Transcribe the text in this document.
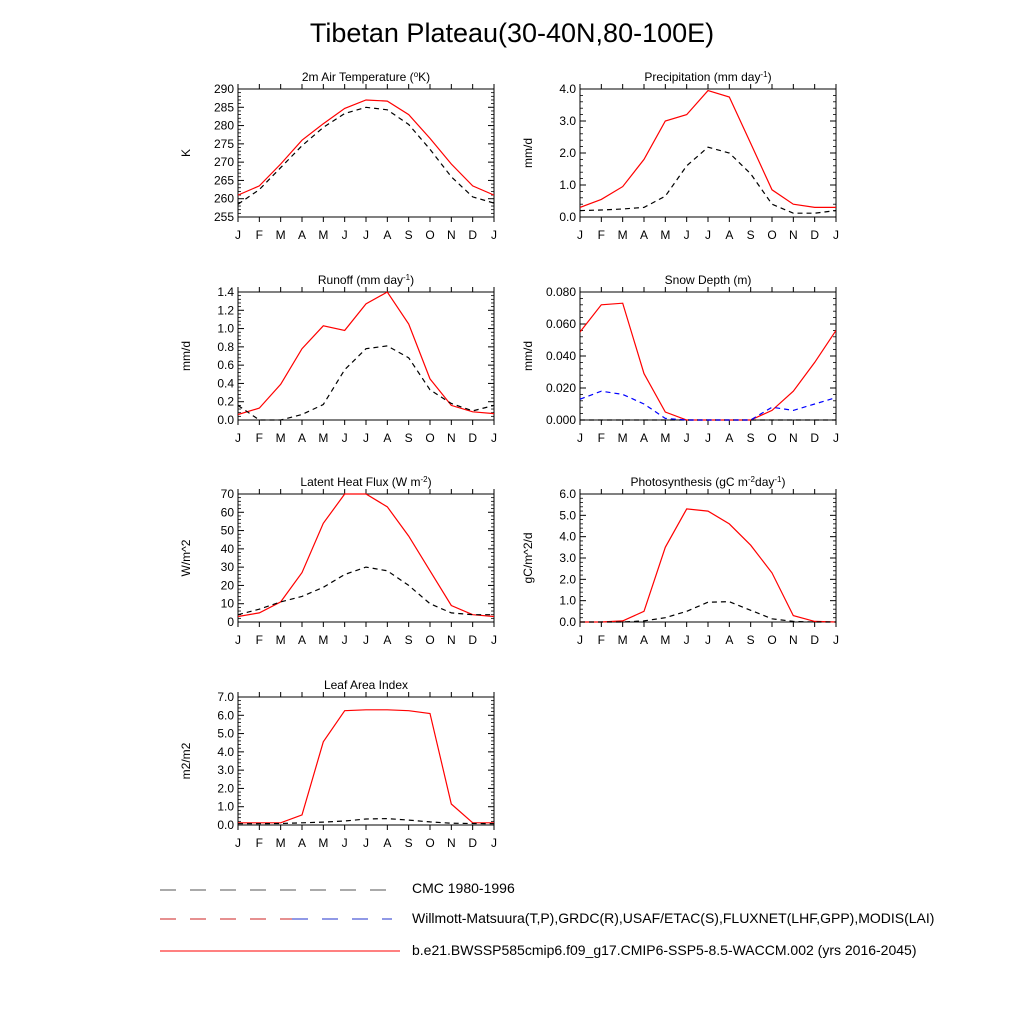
Tibetan Plateau(30-40N,80-100E)
2m Air Temperature ($^o$K)
K
255
260
265
270
275
280
285
290
J F M A M J J A S O N D J
Precipitation (mm day$^{-1}$)
mm/d
0.0
1.0
2.0
3.0
4.0
J F M A M J J A S O N D J
Runoff (mm day$^{-1}$)
mm/d
0.0
0.2
0.4
0.6
0.8
1.0
1.2
1.4
J F M A M J J A S O N D J
Snow Depth (m)
mm/d
0.000
0.020
0.040
0.060
0.080
J F M A M J J A S O N D J
Latent Heat Flux (W $m^{-2}$)
W/m^2
0
10
20
30
40
50
60
70
J F M A M J J A S O N D J
Photosynthesis (gC $m^{-2}day^{-1}$)
gC/m^2/d
0.0
1.0
2.0
3.0
4.0
5.0
6.0
J F M A M J J A S O N D J
Leaf Area Index
m2/m2
0.0
1.0
2.0
3.0
4.0
5.0
6.0
7.0
J F M A M J J A S O N D J
CMC 1980-1996
Willmott-Matsuura(T,P),GRDC(R),USAF/ETAC(S),FLUXNET(LHF,GPP),MODIS(LAI)
b.e21.BWSSP585cmip6.f09_g17.CMIP6-SSP5-8.5-WACCM.002 (yrs 2016-2045)
